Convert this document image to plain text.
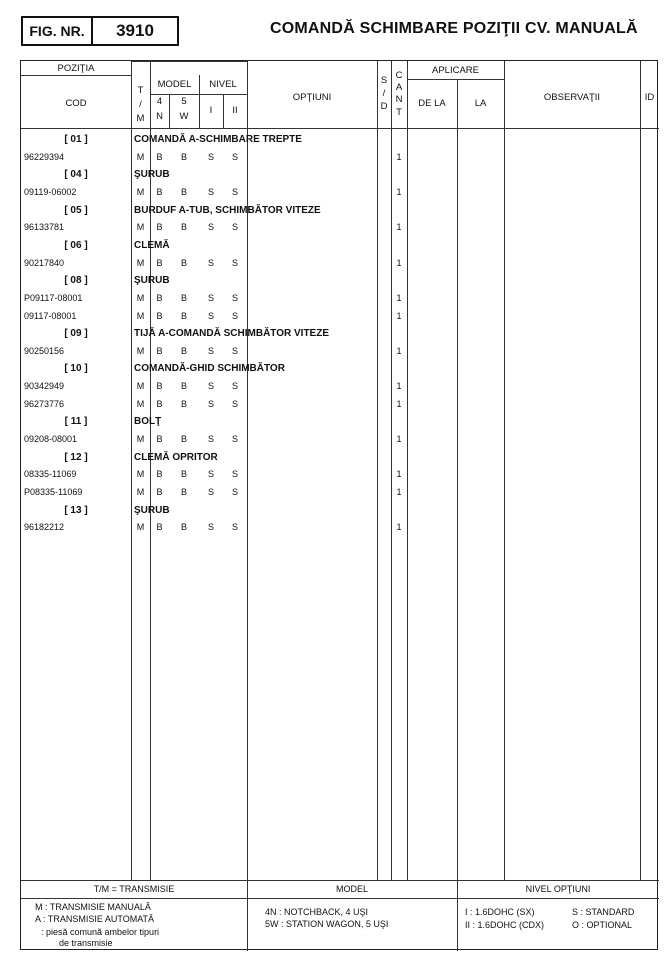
FIG. NR.	3910	COMANDĂ SCHIMBARE POZIŢII CV. MANUALĂ
POZIŢIA
COD
T
/
M
MODEL	NIVEL
4
N
5
W
I	II
OPŢIUNI
S
/
D
C
A
N
T
APLICARE
DE LA	LA
OBSERVAŢII	ID
[ 01 ]	COMANDĂ A-SCHIMBARE TREPTE
96229394	M	B	B	S	S	1
[ 04 ]	ŞURUB
09119-06002	M	B	B	S	S	1
[ 05 ]	BURDUF A-TUB, SCHIMBĂTOR VITEZE
96133781	M	B	B	S	S	1
[ 06 ]	CLEMĂ
90217840	M	B	B	S	S	1
[ 08 ]	ŞURUB
P09117-08001	M	B	B	S	S	1
09117-08001	M	B	B	S	S	1
[ 09 ]	TIJĂ A-COMANDĂ SCHIMBĂTOR VITEZE
90250156	M	B	B	S	S	1
[ 10 ]	COMANDĂ-GHID SCHIMBĂTOR
90342949	M	B	B	S	S	1
96273776	M	B	B	S	S	1
[ 11 ]	BOLŢ
09208-08001	M	B	B	S	S	1
[ 12 ]	CLEMĂ OPRITOR
08335-11069	M	B	B	S	S	1
P08335-11069	M	B	B	S	S	1
[ 13 ]	ŞURUB
96182212	M	B	B	S	S	1
T/M = TRANSMISIE
M : TRANSMISIE MANUALĂ
A : TRANSMISIE AUTOMATĂ
: piesă comună ambelor tipuri
de transmisie
MODEL
4N : NOTCHBACK, 4 UŞI
5W : STATION WAGON, 5 UŞI
NIVEL OPŢIUNI
I : 1.6DOHC (SX)
II : 1.6DOHC (CDX)
S : STANDARD
O : OPTIONAL
